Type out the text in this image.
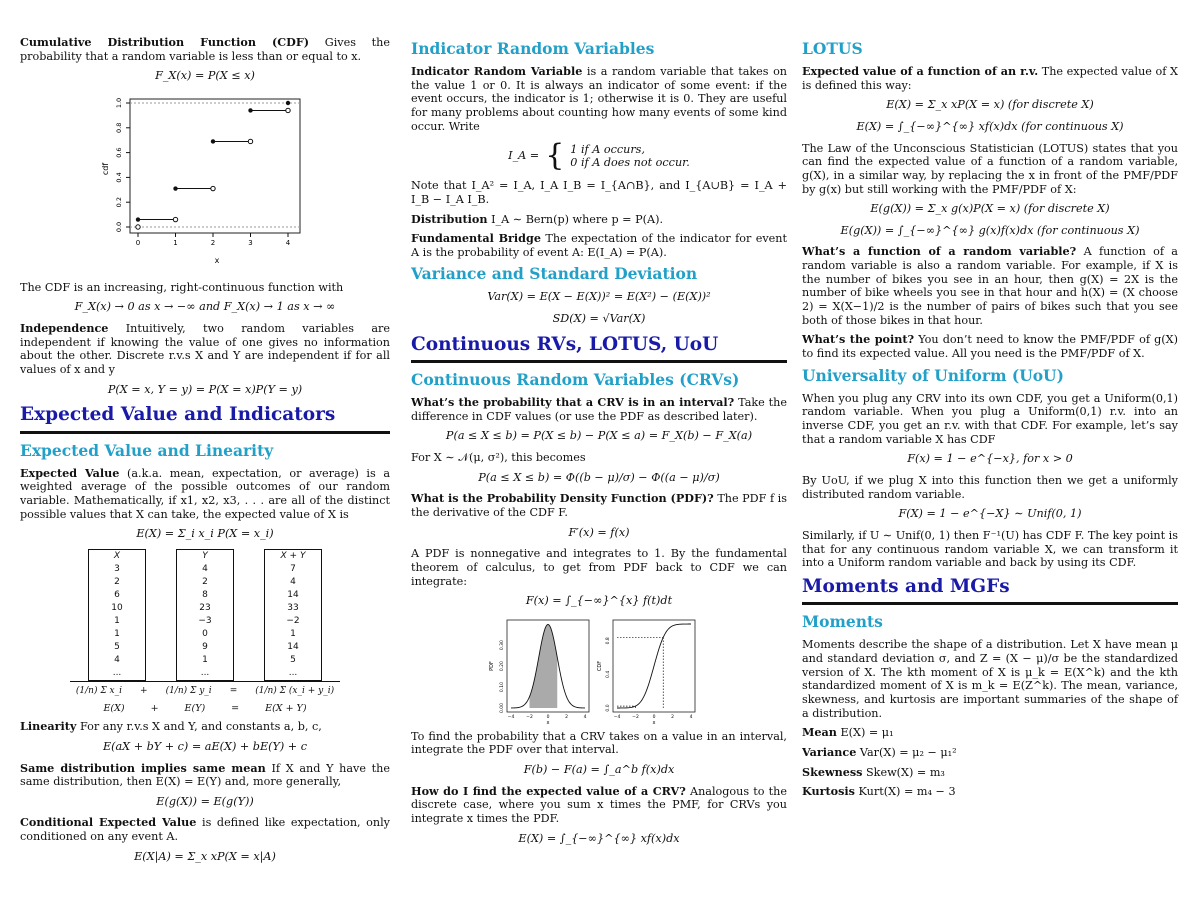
Cumulative Distribution Function (CDF) Gives the probability that a random variable is less than or equal to x.

F_X(x) = P(X ≤ x)
cdf
x
0	1	2	3	4
0.0
0.2
0.4
0.6
0.8
1.0

The CDF is an increasing, right-continuous function with

F_X(x) → 0 as x → −∞ and F_X(x) → 1 as x → ∞

Independence Intuitively, two random variables are independent if knowing the value of one gives no information about the other. Discrete r.v.s X and Y are independent if for all values of x and y

P(X = x, Y = y) = P(X = x)P(Y = y)
Expected Value and Indicators
Expected Value and Linearity

Expected Value (a.k.a. mean, expectation, or average) is a weighted average of the possible outcomes of our random variable. Mathematically, if x1, x2, x3, . . . are all of the distinct possible values that X can take, the expected value of X is

E(X) = Σ_i x_i P(X = x_i)
X		Y		X + Y
3		4		7
2		2		4
6		8		14
10		23		33
1		−3		−2
1		0		1
5		9		14
4		1		5
...		...		...
(1/n) Σ x_i + (1/n) Σ y_i = (1/n) Σ (x_i + y_i)
E(X)	+	E(Y)	=	E(X + Y)

Linearity For any r.v.s X and Y, and constants a, b, c,

E(aX + bY + c) = aE(X) + bE(Y) + c

Same distribution implies same mean If X and Y have the same distribution, then E(X) = E(Y) and, more generally,

E(g(X)) = E(g(Y))

Conditional Expected Value is defined like expectation, only conditioned on any event A.

E(X|A) = Σ_x xP(X = x|A)
Indicator Random Variables

Indicator Random Variable is a random variable that takes on the value 1 or 0. It is always an indicator of some event: if the event occurs, the indicator is 1; otherwise it is 0. They are useful for many problems about counting how many events of some kind occur. Write

I_A = { 1 if A occurs,
0 if A does not occur.

Note that I_A² = I_A, I_A I_B = I_{A∩B}, and I_{A∪B} = I_A + I_B − I_A I_B.

Distribution I_A ∼ Bern(p) where p = P(A).

Fundamental Bridge The expectation of the indicator for event A is the probability of event A: E(I_A) = P(A).

Variance and Standard Deviation
Var(X) = E(X − E(X))² = E(X²) − (E(X))²
SD(X) = √Var(X)
Continuous RVs, LOTUS, UoU
Continuous Random Variables (CRVs)

What’s the probability that a CRV is in an interval? Take the difference in CDF values (or use the PDF as described later).

P(a ≤ X ≤ b) = P(X ≤ b) − P(X ≤ a) = F_X(b) − F_X(a)

For X ∼ 𝒩(μ, σ²), this becomes

P(a ≤ X ≤ b) = Φ((b − μ)/σ) − Φ((a − μ)/σ)

What is the Probability Density Function (PDF)? The PDF f is the derivative of the CDF F.

F′(x) = f(x)

A PDF is nonnegative and integrates to 1. By the fundamental theorem of calculus, to get from PDF back to CDF we can integrate:

F(x) = ∫_{−∞}^{x} f(t)dt
−4	−2	0	2	4
0.00
0.10
0.20
0.30
−4	−2	0	2	4
0.0
0.4
0.8
PDF	CDF
x	x

To find the probability that a CRV takes on a value in an interval, integrate the PDF over that interval.

F(b) − F(a) = ∫_a^b f(x)dx

How do I find the expected value of a CRV? Analogous to the discrete case, where you sum x times the PMF, for CRVs you integrate x times the PDF.

E(X) = ∫_{−∞}^{∞} xf(x)dx
LOTUS

Expected value of a function of an r.v. The expected value of X is defined this way:

E(X) = Σ_x xP(X = x) (for discrete X)
E(X) = ∫_{−∞}^{∞} xf(x)dx (for continuous X)

The Law of the Unconscious Statistician (LOTUS) states that you can find the expected value of a function of a random variable, g(X), in a similar way, by replacing the x in front of the PMF/PDF by g(x) but still working with the PMF/PDF of X:

E(g(X)) = Σ_x g(x)P(X = x) (for discrete X)
E(g(X)) = ∫_{−∞}^{∞} g(x)f(x)dx (for continuous X)

What’s a function of a random variable? A function of a random variable is also a random variable. For example, if X is the number of bikes you see in an hour, then g(X) = 2X is the number of bike wheels you see in that hour and h(X) = (X choose 2) = X(X−1)/2 is the number of pairs of bikes such that you see both of those bikes in that hour.

What’s the point? You don’t need to know the PMF/PDF of g(X) to find its expected value. All you need is the PMF/PDF of X.

Universality of Uniform (UoU)

When you plug any CRV into its own CDF, you get a Uniform(0,1) random variable. When you plug a Uniform(0,1) r.v. into an inverse CDF, you get an r.v. with that CDF. For example, let’s say that a random variable X has CDF

F(x) = 1 − e^{−x}, for x > 0

By UoU, if we plug X into this function then we get a uniformly distributed random variable.

F(X) = 1 − e^{−X} ∼ Unif(0, 1)

Similarly, if U ∼ Unif(0, 1) then F⁻¹(U) has CDF F. The key point is that for any continuous random variable X, we can transform it into a Uniform random variable and back by using its CDF.

Moments and MGFs
Moments

Moments describe the shape of a distribution. Let X have mean μ and standard deviation σ, and Z = (X − μ)/σ be the standardized version of X. The kth moment of X is μ_k = E(X^k) and the kth standardized moment of X is m_k = E(Z^k). The mean, variance, skewness, and kurtosis are important summaries of the shape of a distribution.

Mean E(X) = μ₁

Variance Var(X) = μ₂ − μ₁²

Skewness Skew(X) = m₃

Kurtosis Kurt(X) = m₄ − 3
